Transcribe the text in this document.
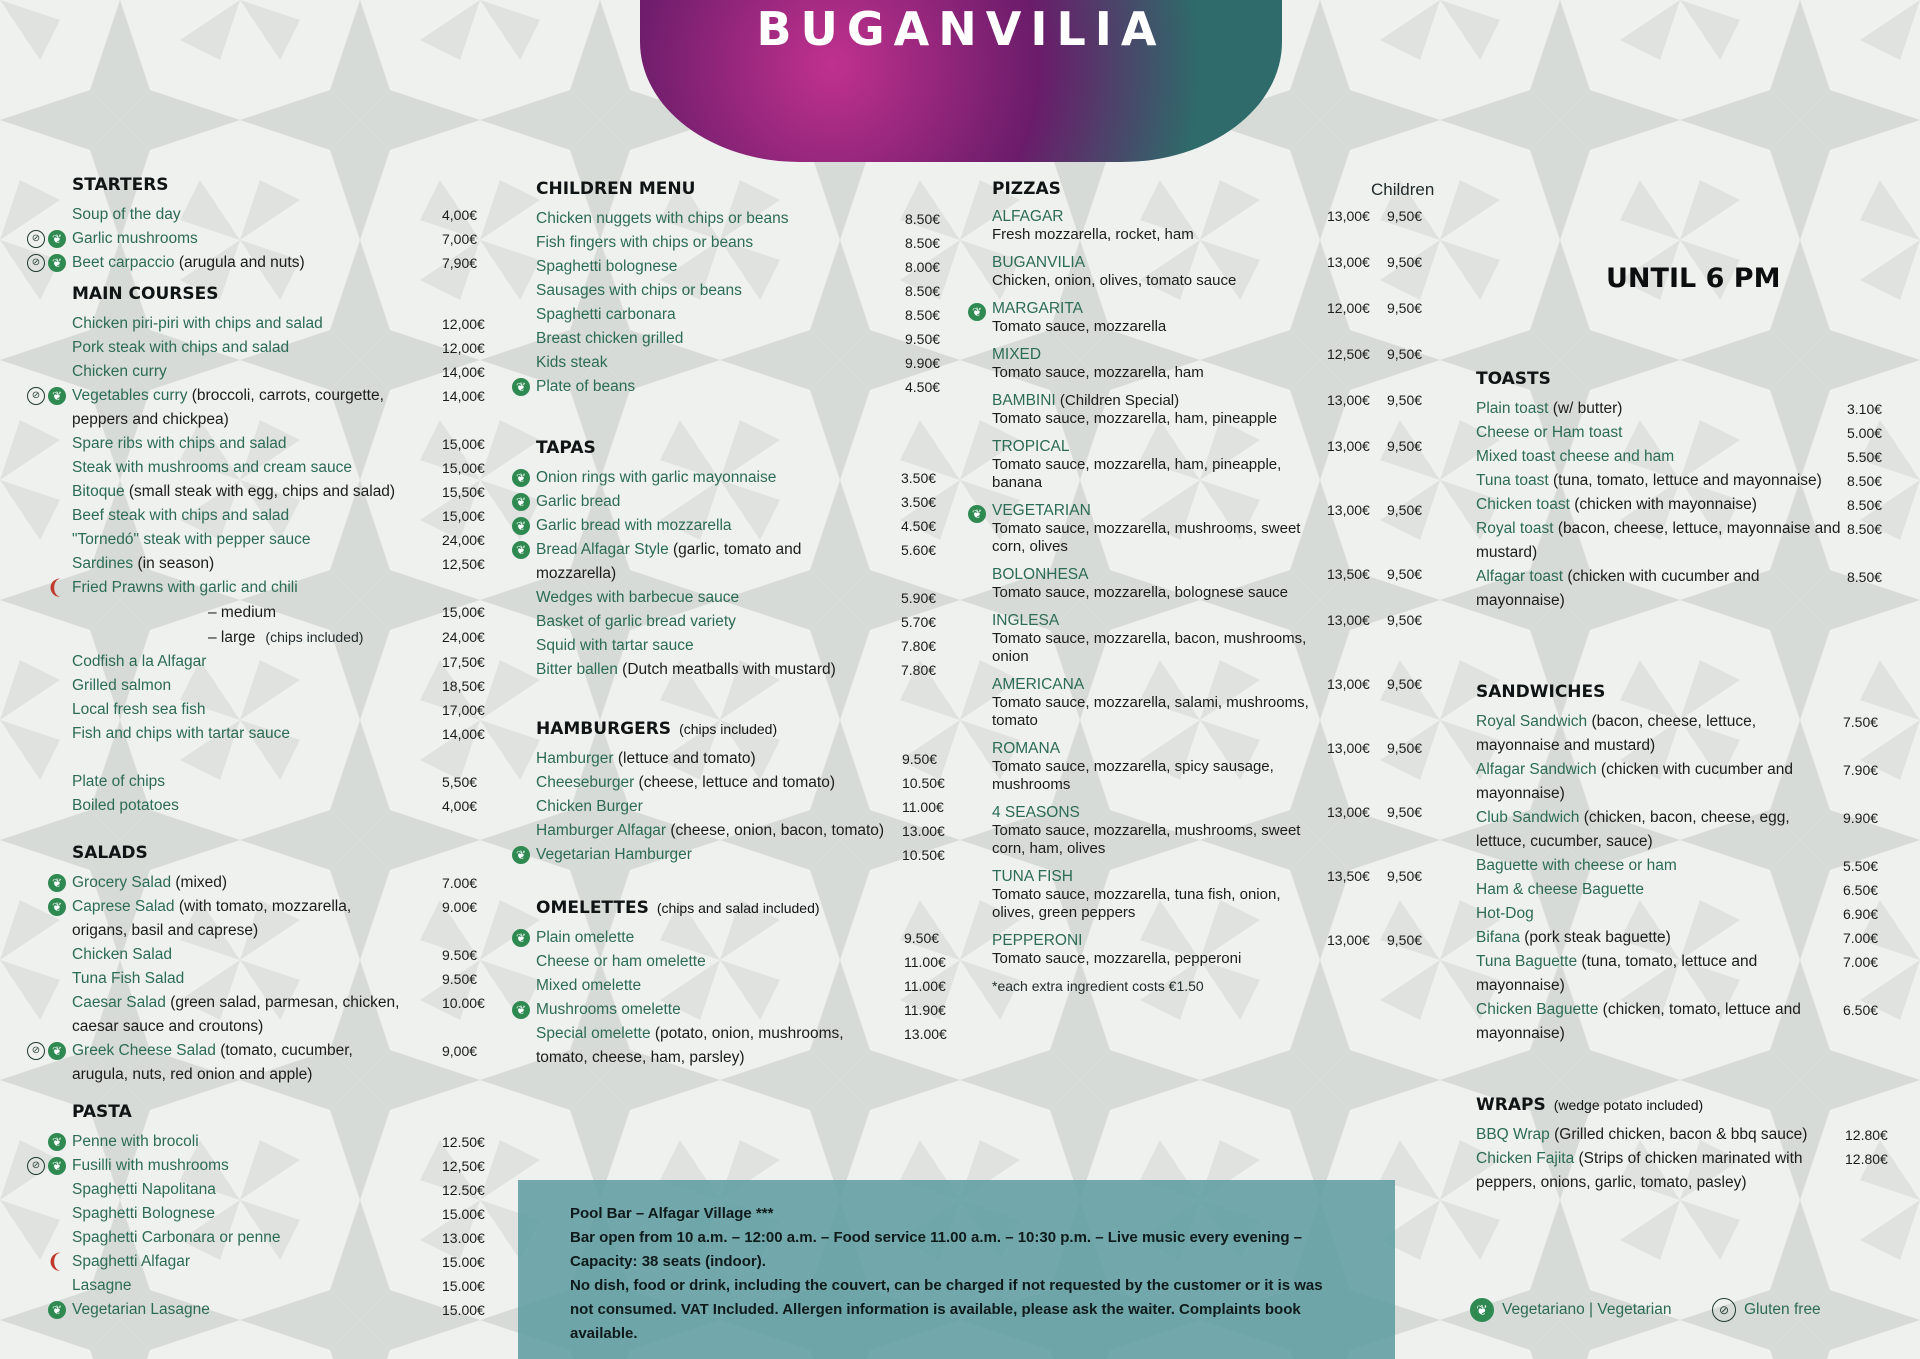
BUGANVILIA
STARTERS
Soup of the day	4,00€
Garlic mushrooms	7,00€
⊘ ❦
Beet carpaccio (arugula and nuts)	7,90€
⊘ ❦
MAIN COURSES
Chicken piri-piri with chips and salad	12,00€
Pork steak with chips and salad	12,00€
Chicken curry	14,00€
Vegetables curry (broccoli, carrots, courgette, peppers and chickpea)
14,00€
⊘ ❦
Spare ribs with chips and salad	15,00€
Steak with mushrooms and cream sauce	15,00€
Bitoque (small steak with egg, chips and salad)	15,50€
Beef steak with chips and salad	15,00€
"Tornedó" steak with pepper sauce	24,00€
Sardines (in season)	12,50€
Fried Prawns with garlic and chili
❨
– medium	15,00€
– large (chips included)	24,00€
Codfish a la Alfagar	17,50€
Grilled salmon	18,50€
Local fresh sea fish	17,00€
Fish and chips with tartar sauce	14,00€
Plate of chips	5,50€
Boiled potatoes	4,00€
SALADS
Grocery Salad (mixed)	7.00€
❦
Caprese Salad (with tomato, mozzarella, origans, basil and caprese)
9.00€
❦
Chicken Salad	9.50€
Tuna Fish Salad	9.50€
Caesar Salad (green salad, parmesan, chicken, caesar sauce and croutons)
10.00€
Greek Cheese Salad (tomato, cucumber, arugula, nuts, red onion and apple)
9,00€
⊘ ❦
PASTA
Penne with brocoli	12.50€
❦
Fusilli with mushrooms	12,50€
⊘ ❦
Spaghetti Napolitana	12.50€
Spaghetti Bolognese	15.00€
Spaghetti Carbonara or penne	13.00€
Spaghetti Alfagar	15.00€
❨
Lasagne	15.00€
Vegetarian Lasagne	15.00€
❦
CHILDREN MENU
Chicken nuggets with chips or beans	8.50€
Fish fingers with chips or beans	8.50€
Spaghetti bolognese	8.00€
Sausages with chips or beans	8.50€
Spaghetti carbonara	8.50€
Breast chicken grilled	9.50€
Kids steak	9.90€
Plate of beans	4.50€
❦
TAPAS
Onion rings with garlic mayonnaise	3.50€
❦
Garlic bread	3.50€
❦
Garlic bread with mozzarella	4.50€
❦
Bread Alfagar Style (garlic, tomato and mozzarella)
5.60€
❦
Wedges with barbecue sauce	5.90€
Basket of garlic bread variety	5.70€
Squid with tartar sauce	7.80€
Bitter ballen (Dutch meatballs with mustard)	7.80€
HAMBURGERS (chips included)
Hamburger (lettuce and tomato)	9.50€
Cheeseburger (cheese, lettuce and tomato)	10.50€
Chicken Burger	11.00€
Hamburger Alfagar (cheese, onion, bacon, tomato)	13.00€
Vegetarian Hamburger	10.50€
❦
OMELETTES (chips and salad included)
Plain omelette	9.50€
❦
Cheese or ham omelette	11.00€
Mixed omelette	11.00€
Mushrooms omelette	11.90€
❦
Special omelette (potato, onion, mushrooms, tomato, cheese, ham, parsley)
13.00€
PIZZAS	Children
ALFAGAR
Fresh mozzarella, rocket, ham
13,00€ 9,50€
BUGANVILIA
Chicken, onion, olives, tomato sauce
13,00€ 9,50€
MARGARITA
Tomato sauce, mozzarella
12,00€ 9,50€
❦
MIXED
Tomato sauce, mozzarella, ham
12,50€ 9,50€
BAMBINI (Children Special)
Tomato sauce, mozzarella, ham, pineapple
13,00€ 9,50€
TROPICAL
Tomato sauce, mozzarella, ham, pineapple, banana
13,00€ 9,50€
VEGETARIAN
Tomato sauce, mozzarella, mushrooms, sweet corn, olives
13,00€ 9,50€
❦
BOLONHESA
Tomato sauce, mozzarella, bolognese sauce
13,50€ 9,50€
INGLESA
Tomato sauce, mozzarella, bacon, mushrooms, onion
13,00€ 9,50€
AMERICANA
Tomato sauce, mozzarella, salami, mushrooms, tomato
13,00€ 9,50€
ROMANA
Tomato sauce, mozzarella, spicy sausage, mushrooms
13,00€ 9,50€
4 SEASONS
Tomato sauce, mozzarella, mushrooms, sweet corn, ham, olives
13,00€ 9,50€
TUNA FISH
Tomato sauce, mozzarella, tuna fish, onion, olives, green peppers
13,50€ 9,50€
PEPPERONI
Tomato sauce, mozzarella, pepperoni
13,00€ 9,50€
*each extra ingredient costs €1.50
UNTIL 6 PM
TOASTS
Plain toast (w/ butter)	3.10€
Cheese or Ham toast	5.00€
Mixed toast cheese and ham	5.50€
Tuna toast (tuna, tomato, lettuce and mayonnaise)	8.50€
Chicken toast (chicken with mayonnaise)	8.50€
Royal toast (bacon, cheese, lettuce, mayonnaise and mustard)
8.50€
Alfagar toast (chicken with cucumber and mayonnaise)
8.50€
SANDWICHES
Royal Sandwich (bacon, cheese, lettuce, mayonnaise and mustard)
7.50€
Alfagar Sandwich (chicken with cucumber and mayonnaise)
7.90€
Club Sandwich (chicken, bacon, cheese, egg, lettuce, cucumber, sauce)
9.90€
Baguette with cheese or ham	5.50€
Ham & cheese Baguette	6.50€
Hot-Dog	6.90€
Bifana (pork steak baguette)	7.00€
Tuna Baguette (tuna, tomato, lettuce and mayonnaise)
7.00€
Chicken Baguette (chicken, tomato, lettuce and mayonnaise)
6.50€
WRAPS (wedge potato included)
BBQ Wrap (Grilled chicken, bacon & bbq sauce)	12.80€
Chicken Fajita (Strips of chicken marinated with peppers, onions, garlic, tomato, pasley)
12.80€
Pool Bar – Alfagar Village ***
Bar open from 10 a.m. – 12:00 a.m. – Food service 11.00 a.m. – 10:30 p.m. – Live music every evening – Capacity: 38 seats (indoor).
No dish, food or drink, including the couvert, can be charged if not requested by the customer or it is was not consumed. VAT Included. Allergen information is available, please ask the waiter. Complaints book available.
❦ Vegetariano | Vegetarian	⊘ Gluten free
